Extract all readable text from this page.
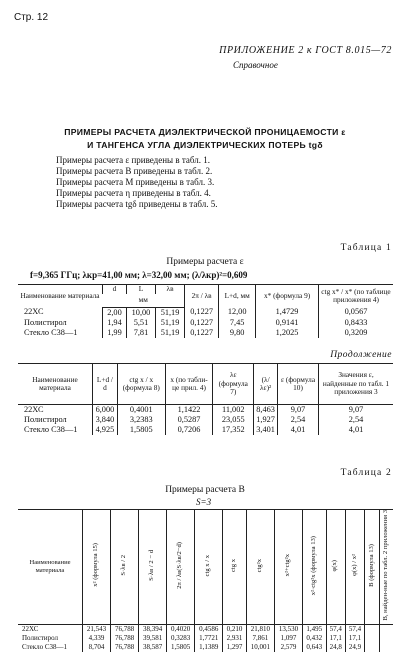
Стр. 12
ПРИЛОЖЕНИЕ 2 к ГОСТ 8.015—72
Справочное
ПРИМЕРЫ РАСЧЕТА ДИЭЛЕКТРИЧЕСКОЙ ПРОНИЦАЕМОСТИ ε
И ТАНГЕНСА УГЛА ДИЭЛЕКТРИЧЕСКИХ ПОТЕРЬ tgδ
Примеры расчета ε приведены в табл. 1.
Примеры расчета B приведены в табл. 2.
Примеры расчета M приведены в табл. 3.
Примеры расчета η приведены в табл. 4.
Примеры расчета tgδ приведены в табл. 5.
Таблица 1
Примеры расчета ε
f=9,365 ГГц; λкр=41,00 мм; λ=32,00 мм; (λ/λкр)²=0,609
Наименование материала	d	L	λв	2π / λв	L+d, мм	x* (формула 9)	ctg x* / x* (по таблице приложения 4)
	мм						
22ХС	2,00	10,00	51,19	0,1227	12,00	1,4729	0,0567
Полистирол	1,94	5,51	51,19	0,1227	7,45	0,9141	0,8433
Стекло С38—1	1,99	7,81	51,19	0,1227	9,80	1,2025	0,3209
Продолжение
Наименование материала	L+d / d	ctg x / x (формула 8)	x (по табли-це прил. 4)	λε (формула 7)	(λ/λε)²	ε (формула 10)	Значения ε, найденные по табл. 1 приложения 3
22ХС	6,000	0,4001	1,1422	11,002	8,463	9,07	9,07
Полистирол	3,840	3,2383	0,5287	23,055	1,927	2,54	2,54
Стекло С38—1	4,925	1,5805	0,7206	17,352	3,401	4,01	4,01
Таблица 2
Примеры расчета B
S=3
Наименование материала	x² (формула 15)	S·λв / 2	S·λв / 2 − d	2π / λв(S·λв/2−d)	ctg x / x	ctg x	ctg²x	x²+ctg²x	x²·ctg²x (формула 13)	φ(x)	φ(x) / x²	B (формула 13)	B, найден-ные по табл. 2 приложения 3
22ХС	21,543	76,788	38,394	0,4020	0,4586	0,210	21,810	13,530	1,495	57,4	57,4		
Полистирол	4,339	76,788	39,581	0,3283	1,7721	2,931	7,861	1,097	0,432	17,1	17,1		
Стекло С38—1	8,704	76,788	38,587	1,5805	1,1389	1,297	10,001	2,579	0,643	24,8	24,9		
